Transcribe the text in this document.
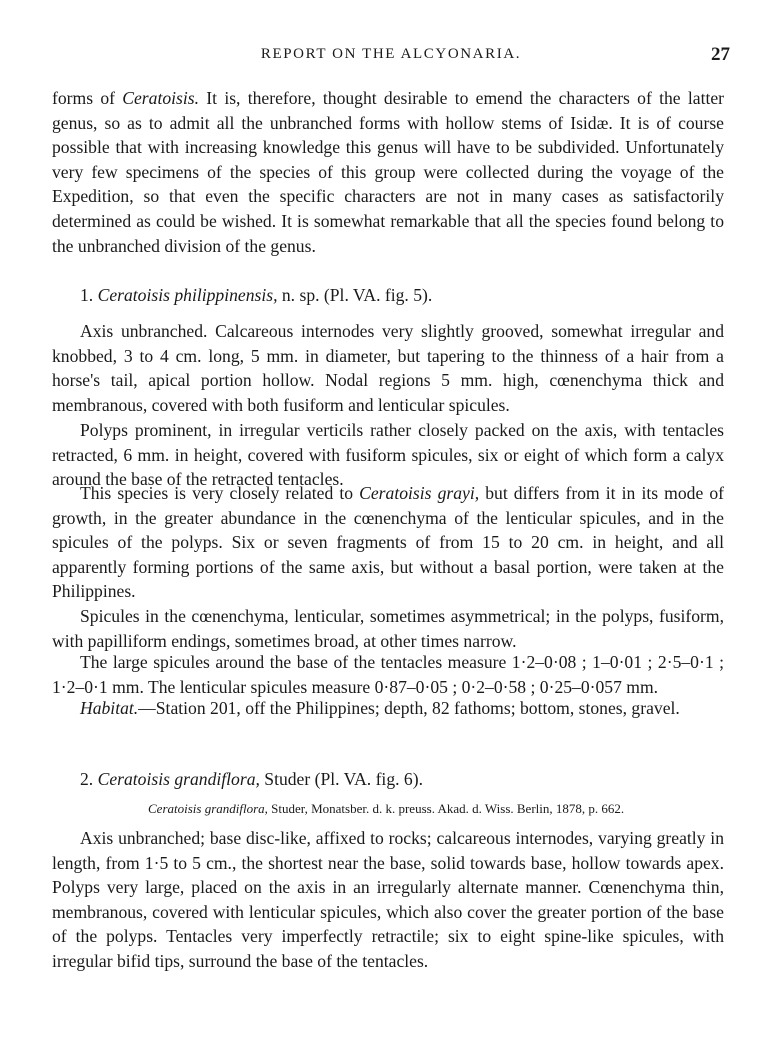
REPORT ON THE ALCYONARIA.	27

forms of Ceratoisis. It is, therefore, thought desirable to emend the characters of the latter genus, so as to admit all the unbranched forms with hollow stems of Isidæ. It is of course possible that with increasing knowledge this genus will have to be subdivided. Unfortunately very few specimens of the species of this group were collected during the voyage of the Expedition, so that even the specific characters are not in many cases as satisfactorily determined as could be wished. It is somewhat remarkable that all the species found belong to the unbranched division of the genus.

1. Ceratoisis philippinensis, n. sp. (Pl. VA. fig. 5).

Axis unbranched. Calcareous internodes very slightly grooved, somewhat irregular and knobbed, 3 to 4 cm. long, 5 mm. in diameter, but tapering to the thinness of a hair from a horse's tail, apical portion hollow. Nodal regions 5 mm. high, cœnenchyma thick and membranous, covered with both fusiform and lenticular spicules.

Polyps prominent, in irregular verticils rather closely packed on the axis, with tentacles retracted, 6 mm. in height, covered with fusiform spicules, six or eight of which form a calyx around the base of the retracted tentacles.

This species is very closely related to Ceratoisis grayi, but differs from it in its mode of growth, in the greater abundance in the cœnenchyma of the lenticular spicules, and in the spicules of the polyps. Six or seven fragments of from 15 to 20 cm. in height, and all apparently forming portions of the same axis, but without a basal portion, were taken at the Philippines.

Spicules in the cœnenchyma, lenticular, sometimes asymmetrical; in the polyps, fusiform, with papilliform endings, sometimes broad, at other times narrow.

The large spicules around the base of the tentacles measure 1·2–0·08 ; 1–0·01 ; 2·5–0·1 ; 1·2–0·1 mm. The lenticular spicules measure 0·87–0·05 ; 0·2–0·58 ; 0·25–0·057 mm.

Habitat.—Station 201, off the Philippines; depth, 82 fathoms; bottom, stones, gravel.

2. Ceratoisis grandiflora, Studer (Pl. VA. fig. 6).

Ceratoisis grandiflora, Studer, Monatsber. d. k. preuss. Akad. d. Wiss. Berlin, 1878, p. 662.

Axis unbranched; base disc-like, affixed to rocks; calcareous internodes, varying greatly in length, from 1·5 to 5 cm., the shortest near the base, solid towards base, hollow towards apex. Polyps very large, placed on the axis in an irregularly alternate manner. Cœnenchyma thin, membranous, covered with lenticular spicules, which also cover the greater portion of the base of the polyps. Tentacles very imperfectly retractile; six to eight spine-like spicules, with irregular bifid tips, surround the base of the tentacles.
